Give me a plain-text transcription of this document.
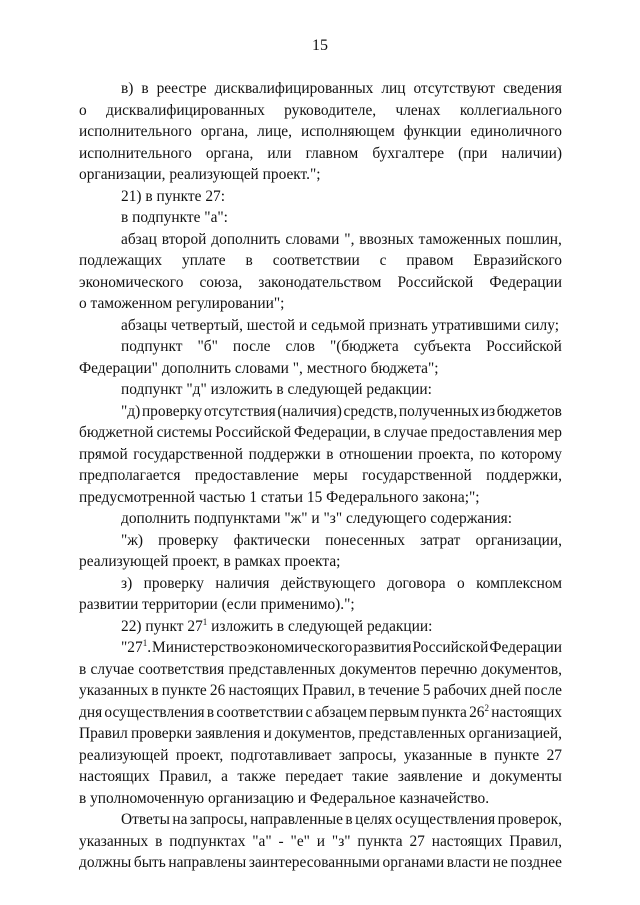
15
в) в реестре дисквалифицированных лиц отсутствуют сведения
о дисквалифицированных руководителе, членах коллегиального
исполнительного органа, лице, исполняющем функции единоличного
исполнительного органа, или главном бухгалтере (при наличии)
организации, реализующей проект.";
21) в пункте 27:
в подпункте "а":
абзац второй дополнить словами ", ввозных таможенных пошлин,
подлежащих уплате в соответствии с правом Евразийского
экономического союза, законодательством Российской Федерации
о таможенном регулировании";
абзацы четвертый, шестой и седьмой признать утратившими силу;
подпункт "б" после слов "(бюджета субъекта Российской
Федерации" дополнить словами ", местного бюджета";
подпункт "д" изложить в следующей редакции:
"д) проверку отсутствия (наличия) средств, полученных из бюджетов
бюджетной системы Российской Федерации, в случае предоставления мер
прямой государственной поддержки в отношении проекта, по которому
предполагается предоставление меры государственной поддержки,
предусмотренной частью 1 статьи 15 Федерального закона;";
дополнить подпунктами "ж" и "з" следующего содержания:
"ж) проверку фактически понесенных затрат организации,
реализующей проект, в рамках проекта;
з) проверку наличия действующего договора о комплексном
развитии территории (если применимо).";
22) пункт $27^1$ изложить в следующей редакции:
"$27^1$. Министерство экономического развития Российской Федерации
в случае соответствия представленных документов перечню документов,
указанных в пункте 26 настоящих Правил, в течение 5 рабочих дней после
дня осуществления в соответствии с абзацем первым пункта $26^2$ настоящих
Правил проверки заявления и документов, представленных организацией,
реализующей проект, подготавливает запросы, указанные в пункте 27
настоящих Правил, а также передает такие заявление и документы
в уполномоченную организацию и Федеральное казначейство.
Ответы на запросы, направленные в целях осуществления проверок,
указанных в подпунктах "а" - "е" и "з" пункта 27 настоящих Правил,
должны быть направлены заинтересованными органами власти не позднее
